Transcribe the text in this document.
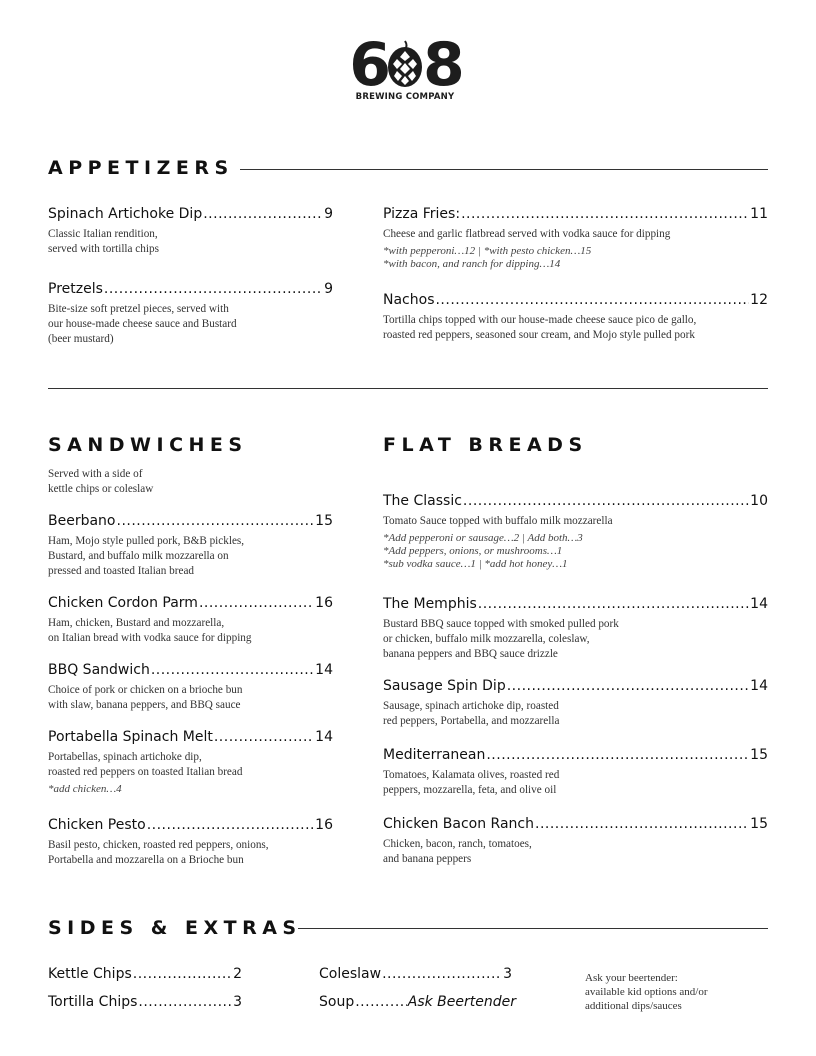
6 8
BREWING COMPANY
APPETIZERS
Spinach Artichoke Dip .....	9
Classic Italian rendition,
served with tortilla chips
Pretzels .....	9
Bite-size soft pretzel pieces, served with
our house-made cheese sauce and Bustard
(beer mustard)
Pizza Fries: .....	11
Cheese and garlic flatbread served with vodka sauce for dipping
*with pepperoni…12 | *with pesto chicken…15
*with bacon, and ranch for dipping…14
Nachos .....	12
Tortilla chips topped with our house-made cheese sauce pico de gallo,
roasted red peppers, seasoned sour cream, and Mojo style pulled pork
SANDWICHES
Served with a side of
kettle chips or coleslaw
Beerbano .....	15
Ham, Mojo style pulled pork, B&B pickles,
Bustard, and buffalo milk mozzarella on
pressed and toasted Italian bread
Chicken Cordon Parm .....	16
Ham, chicken, Bustard and mozzarella,
on Italian bread with vodka sauce for dipping
BBQ Sandwich .....	14
Choice of pork or chicken on a brioche bun
with slaw, banana peppers, and BBQ sauce
Portabella Spinach Melt .....	14
Portabellas, spinach artichoke dip,
roasted red peppers on toasted Italian bread
*add chicken…4
Chicken Pesto .....	16
Basil pesto, chicken, roasted red peppers, onions,
Portabella and mozzarella on a Brioche bun
FLAT BREADS
The Classic .....	10
Tomato Sauce topped with buffalo milk mozzarella
*Add pepperoni or sausage…2 | Add both…3
*Add peppers, onions, or mushrooms…1
*sub vodka sauce…1 | *add hot honey…1
The Memphis .....	14
Bustard BBQ sauce topped with smoked pulled pork
or chicken, buffalo milk mozzarella, coleslaw,
banana peppers and BBQ sauce drizzle
Sausage Spin Dip .....	14
Sausage, spinach artichoke dip, roasted
red peppers, Portabella, and mozzarella
Mediterranean .....	15
Tomatoes, Kalamata olives, roasted red
peppers, mozzarella, feta, and olive oil
Chicken Bacon Ranch .....	15
Chicken, bacon, ranch, tomatoes,
and banana peppers
SIDES & EXTRAS
Kettle Chips .....	2
Tortilla Chips .....	3
Coleslaw .....	3
Soup .....	Ask Beertender
Ask your beertender:
available kid options and/or
additional dips/sauces
